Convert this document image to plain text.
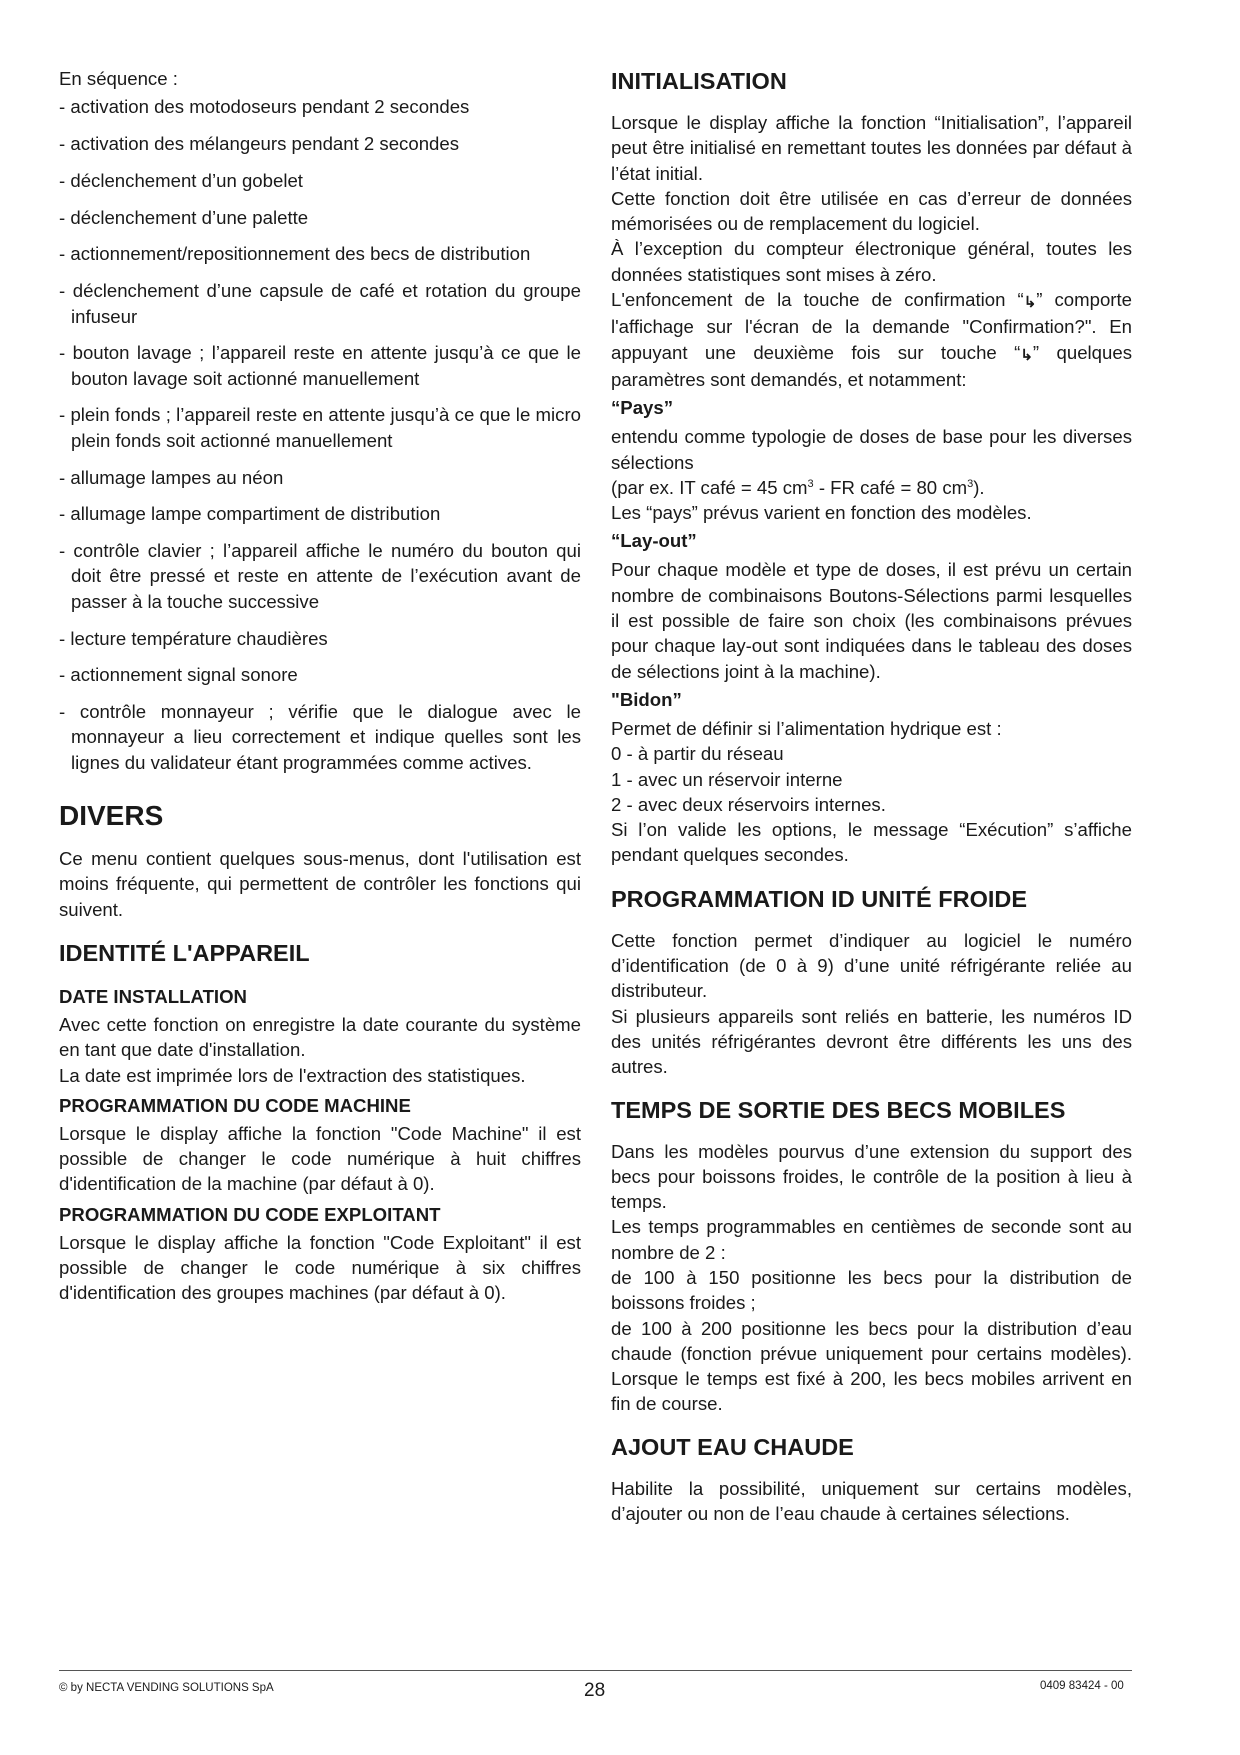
En séquence :

- activation des motodoseurs pendant 2 secondes

- activation des mélangeurs pendant 2 secondes

- déclenchement d’un gobelet

- déclenchement d’une palette

- actionnement/repositionnement des becs de distribution

- déclenchement d’une capsule de café et rotation du groupe infuseur

- bouton lavage ; l’appareil reste en attente jusqu’à ce que le bouton lavage soit actionné manuellement

- plein fonds ; l’appareil reste en attente jusqu’à ce que le micro plein fonds soit actionné manuellement

- allumage lampes au néon

- allumage lampe compartiment de distribution

- contrôle clavier ; l’appareil affiche le numéro du bouton qui doit être pressé et reste en attente de l’exécution avant de passer à la touche successive

- lecture température chaudières

- actionnement signal sonore

- contrôle monnayeur ; vérifie que le dialogue avec le monnayeur a lieu correctement et indique quelles sont les lignes du validateur étant programmées comme actives.

DIVERS

Ce menu contient quelques sous-menus, dont l'utilisation est moins fréquente, qui permettent de contrôler les fonctions qui suivent.

IDENTITÉ L'APPAREIL
DATE INSTALLATION

Avec cette fonction on enregistre la date courante du système en tant que date d'installation.

La date est imprimée lors de l'extraction des statistiques.

PROGRAMMATION DU CODE MACHINE

Lorsque le display affiche la fonction "Code Machine" il est possible de changer le code numérique à huit chiffres d'identification de la machine (par défaut à 0).

PROGRAMMATION DU CODE EXPLOITANT

Lorsque le display affiche la fonction "Code Exploitant" il est possible de changer le code numérique à six chiffres d'identification des groupes machines (par défaut à 0).

INITIALISATION

Lorsque le display affiche la fonction “Initialisation”, l’appareil peut être initialisé en remettant toutes les données par défaut à l’état initial.

Cette fonction doit être utilisée en cas d’erreur de données mémorisées ou de remplacement du logiciel.

À l’exception du compteur électronique général, toutes les données statistiques sont mises à zéro.

L'enfoncement de la touche de confirmation “↳” comporte l'affichage sur l'écran de la demande "Confirmation?". En appuyant une deuxième fois sur touche “↳” quelques paramètres sont demandés, et notamment:

“Pays”

entendu comme typologie de doses de base pour les diverses sélections

(par ex. IT café = 45 $cm^3$ - FR café = 80 $cm^3$).

Les “pays” prévus varient en fonction des modèles.

“Lay-out”

Pour chaque modèle et type de doses, il est prévu un certain nombre de combinaisons Boutons-Sélections parmi lesquelles il est possible de faire son choix (les combinaisons prévues pour chaque lay-out sont indiquées dans le tableau des doses de sélections joint à la machine).

"Bidon”

Permet de définir si l’alimentation hydrique est :

0 - à partir du réseau

1 - avec un réservoir interne

2 - avec deux réservoirs internes.

Si l’on valide les options, le message “Exécution” s’affiche pendant quelques secondes.

PROGRAMMATION ID UNITÉ FROIDE

Cette fonction permet d’indiquer au logiciel le numéro d’identification (de 0 à 9) d’une unité réfrigérante reliée au distributeur.

Si plusieurs appareils sont reliés en batterie, les numéros ID des unités réfrigérantes devront être différents les uns des autres.

TEMPS DE SORTIE DES BECS MOBILES

Dans les modèles pourvus d’une extension du support des becs pour boissons froides, le contrôle de la position à lieu à temps.

Les temps programmables en centièmes de seconde sont au nombre de 2 :

de 100 à 150 positionne les becs pour la distribution de boissons froides ;

de 100 à 200 positionne les becs pour la distribution d’eau chaude (fonction prévue uniquement pour certains modèles). Lorsque le temps est fixé à 200, les becs mobiles arrivent en fin de course.

AJOUT EAU CHAUDE

Habilite la possibilité, uniquement sur certains modèles, d’ajouter ou non de l’eau chaude à certaines sélections.

© by NECTA VENDING SOLUTIONS SpA	28	0409 83424 - 00
